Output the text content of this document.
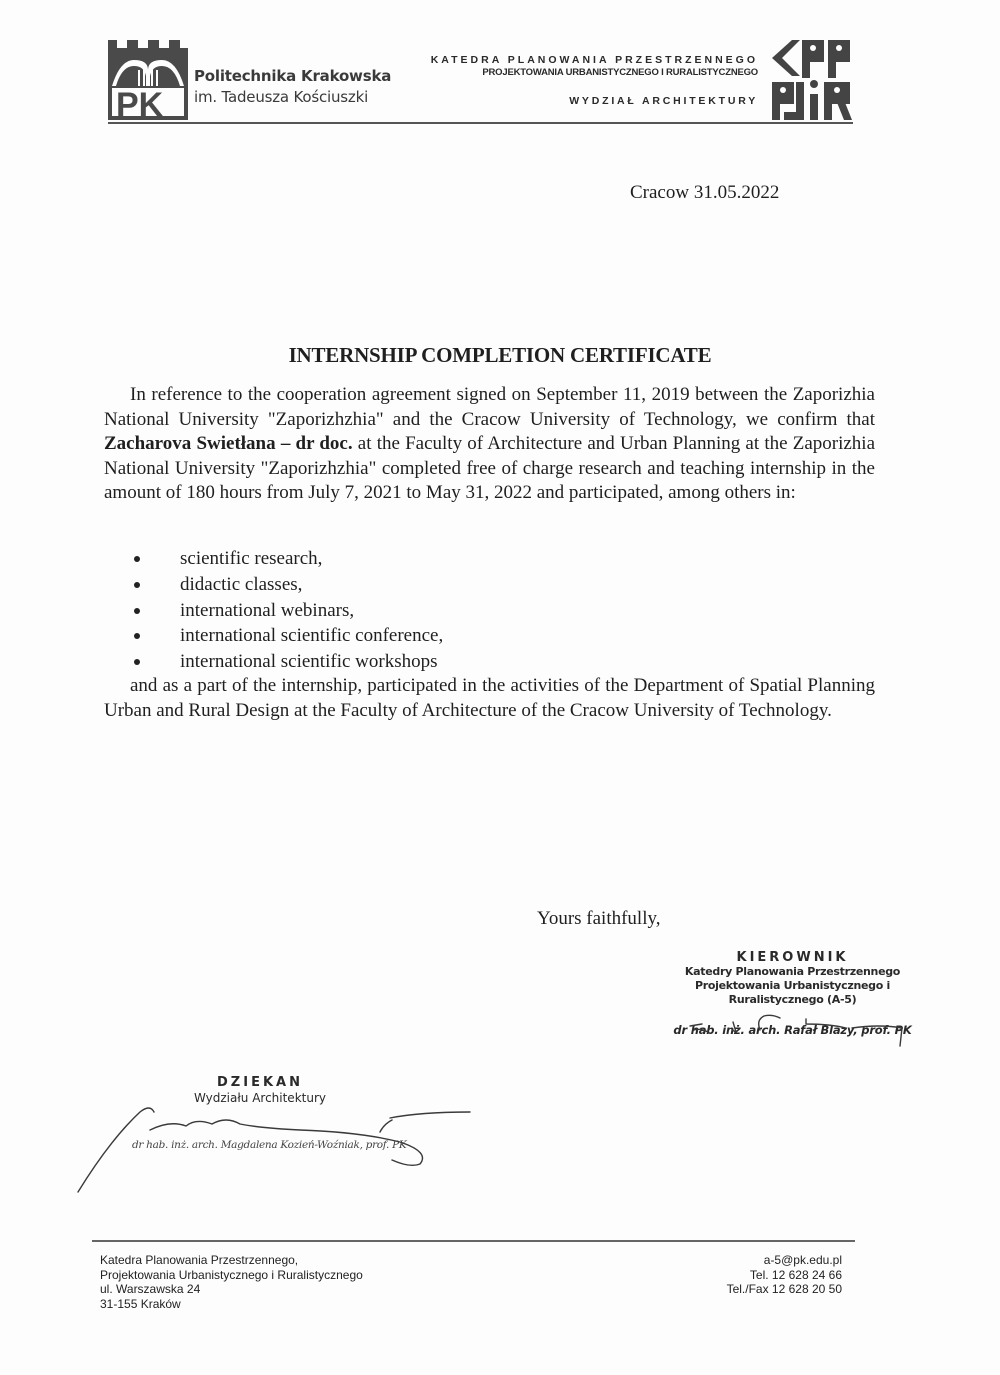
PK
Politechnika Krakowska
im. Tadeusza Kościuszki
KATEDRA PLANOWANIA PRZESTRZENNEGO
PROJEKTOWANIA URBANISTYCZNEGO I RURALISTYCZNEGO
WYDZIAŁ ARCHITEKTURY
Cracow 31.05.2022
INTERNSHIP COMPLETION CERTIFICATE
In reference to the cooperation agreement signed on September 11, 2019 between the Zaporizhia National University "Zaporizhzhia" and the Cracow University of Technology, we confirm that Zacharova Swietłana – dr doc. at the Faculty of Architecture and Urban Planning at the Zaporizhia National University "Zaporizhzhia" completed free of charge research and teaching internship in the amount of 180 hours from July 7, 2021 to May 31, 2022 and participated, among others in:
scientific research,
didactic classes,
international webinars,
international scientific conference,
international scientific workshops
and as a part of the internship, participated in the activities of the Department of Spatial Planning Urban and Rural Design at the Faculty of Architecture of the Cracow University of Technology.
Yours faithfully,
KIEROWNIK
Katedry Planowania Przestrzennego
Projektowania Urbanistycznego i
Ruralistycznego (A-5)
dr hab. inż. arch. Rafał Blazy, prof. PK
DZIEKAN
Wydziału Architektury
dr hab. inż. arch. Magdalena Kozień-Woźniak, prof. PK
Katedra Planowania Przestrzennego,
Projektowania Urbanistycznego i Ruralistycznego
ul. Warszawska 24
31-155 Kraków
a-5@pk.edu.pl
Tel. 12 628 24 66
Tel./Fax 12 628 20 50
